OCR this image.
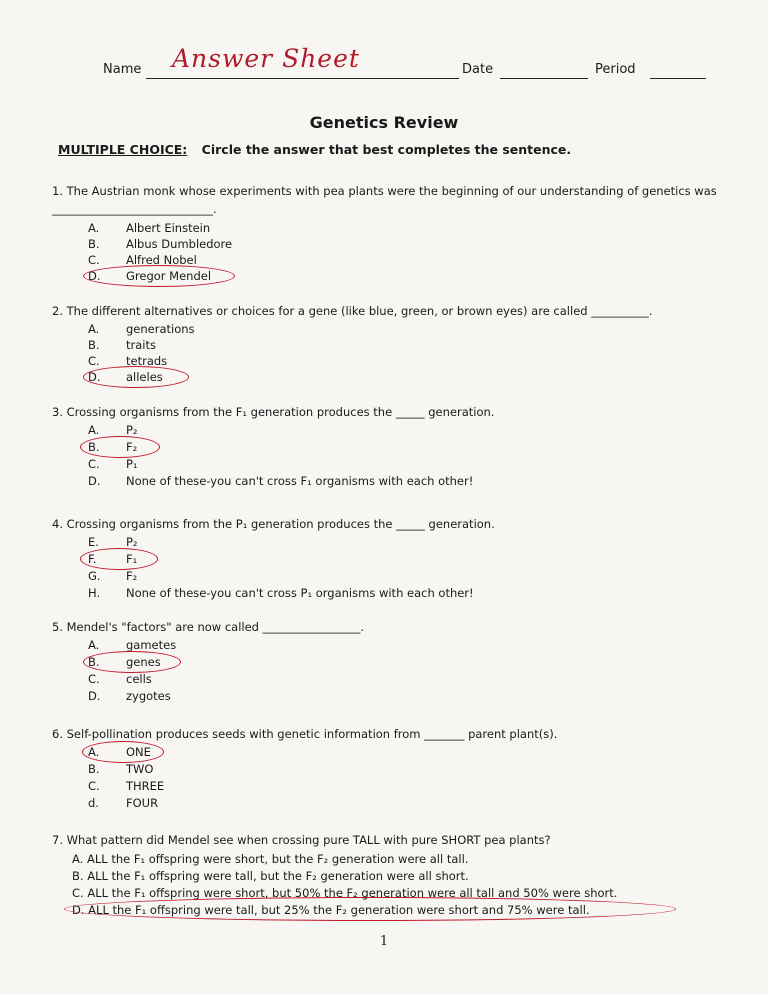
Name Answer Sheet	Date	Period
Genetics Review
MULTIPLE CHOICE: Circle the answer that best completes the sentence.
1. The Austrian monk whose experiments with pea plants were the beginning of our understanding of genetics was
____________________________.
A. Albert Einstein
B. Albus Dumbledore
C. Alfred Nobel
D. Gregor Mendel
2. The different alternatives or choices for a gene (like blue, green, or brown eyes) are called __________.
A. generations
B. traits
C. tetrads
D. alleles
3. Crossing organisms from the F₁ generation produces the _____ generation.
A. P₂
B. F₂
C. P₁
D. None of these-you can't cross F₁ organisms with each other!
4. Crossing organisms from the P₁ generation produces the _____ generation.
E. P₂
F.	F₁
G. F₂
H. None of these-you can't cross P₁ organisms with each other!
5. Mendel's "factors" are now called _________________.
A. gametes
B. genes
C. cells
D. zygotes
6. Self-pollination produces seeds with genetic information from _______ parent plant(s).
A. ONE
B. TWO
C. THREE
d. FOUR
7. What pattern did Mendel see when crossing pure TALL with pure SHORT pea plants?
A. ALL the F₁ offspring were short, but the F₂ generation were all tall.
B. ALL the F₁ offspring were tall, but the F₂ generation were all short.
C. ALL the F₁ offspring were short, but 50% the F₂ generation were all tall and 50% were short.
D. ALL the F₁ offspring were tall, but 25% the F₂ generation were short and 75% were tall.
1
